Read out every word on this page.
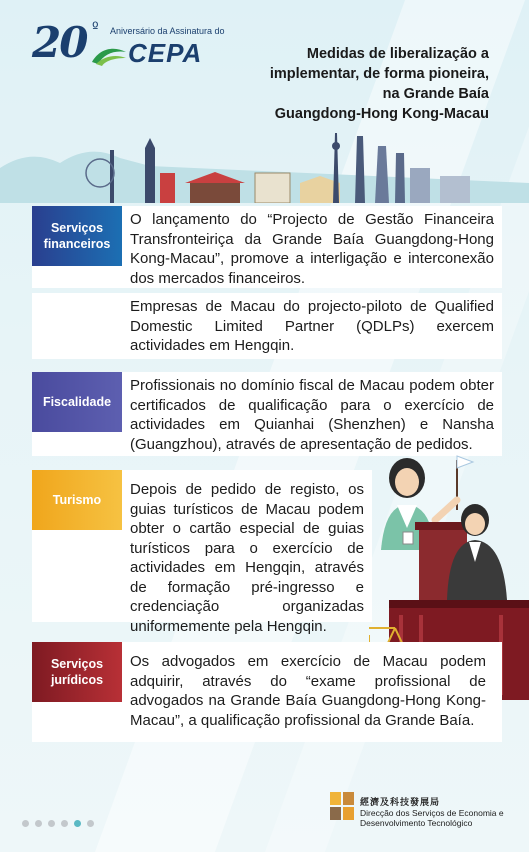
20 º Aniversário da Assinatura do
CEPA	Medidas de liberalização a
implementar, de forma pioneira,
na Grande Baía
Guangdong-Hong Kong-Macau
Serviços
financeiros

O lançamento do “Projecto de Gestão Financeira Transfronteiriça da Grande Baía Guangdong-Hong Kong-Macau”, promove a interligação e interconexão dos mercados financeiros.

Empresas de Macau do projecto-piloto de Qualified Domestic Limited Partner (QDLPs) exercem actividades em Hengqin.

Fiscalidade

Profissionais no domínio fiscal de Macau podem obter certificados de qualificação para o exercício de actividades em Quianhai (Shenzhen) e Nansha (Guangzhou), através de apresentação de pedidos.

Turismo

Depois de pedido de registo, os guias turísticos de Macau podem obter o cartão especial de guias turísticos para o exercício de actividades em Hengqin, através de formação pré-ingresso e credenciação organizadas uniformemente pela Hengqin.

Serviços
jurídicos

Os advogados em exercício de Macau podem adquirir, através do “exame profissional de advogados na Grande Baía Guangdong-Hong Kong-Macau”, a qualificação profissional da Grande Baía.

經濟及科技發展局
Direcção dos Serviços de Economia e
Desenvolvimento Tecnológico
